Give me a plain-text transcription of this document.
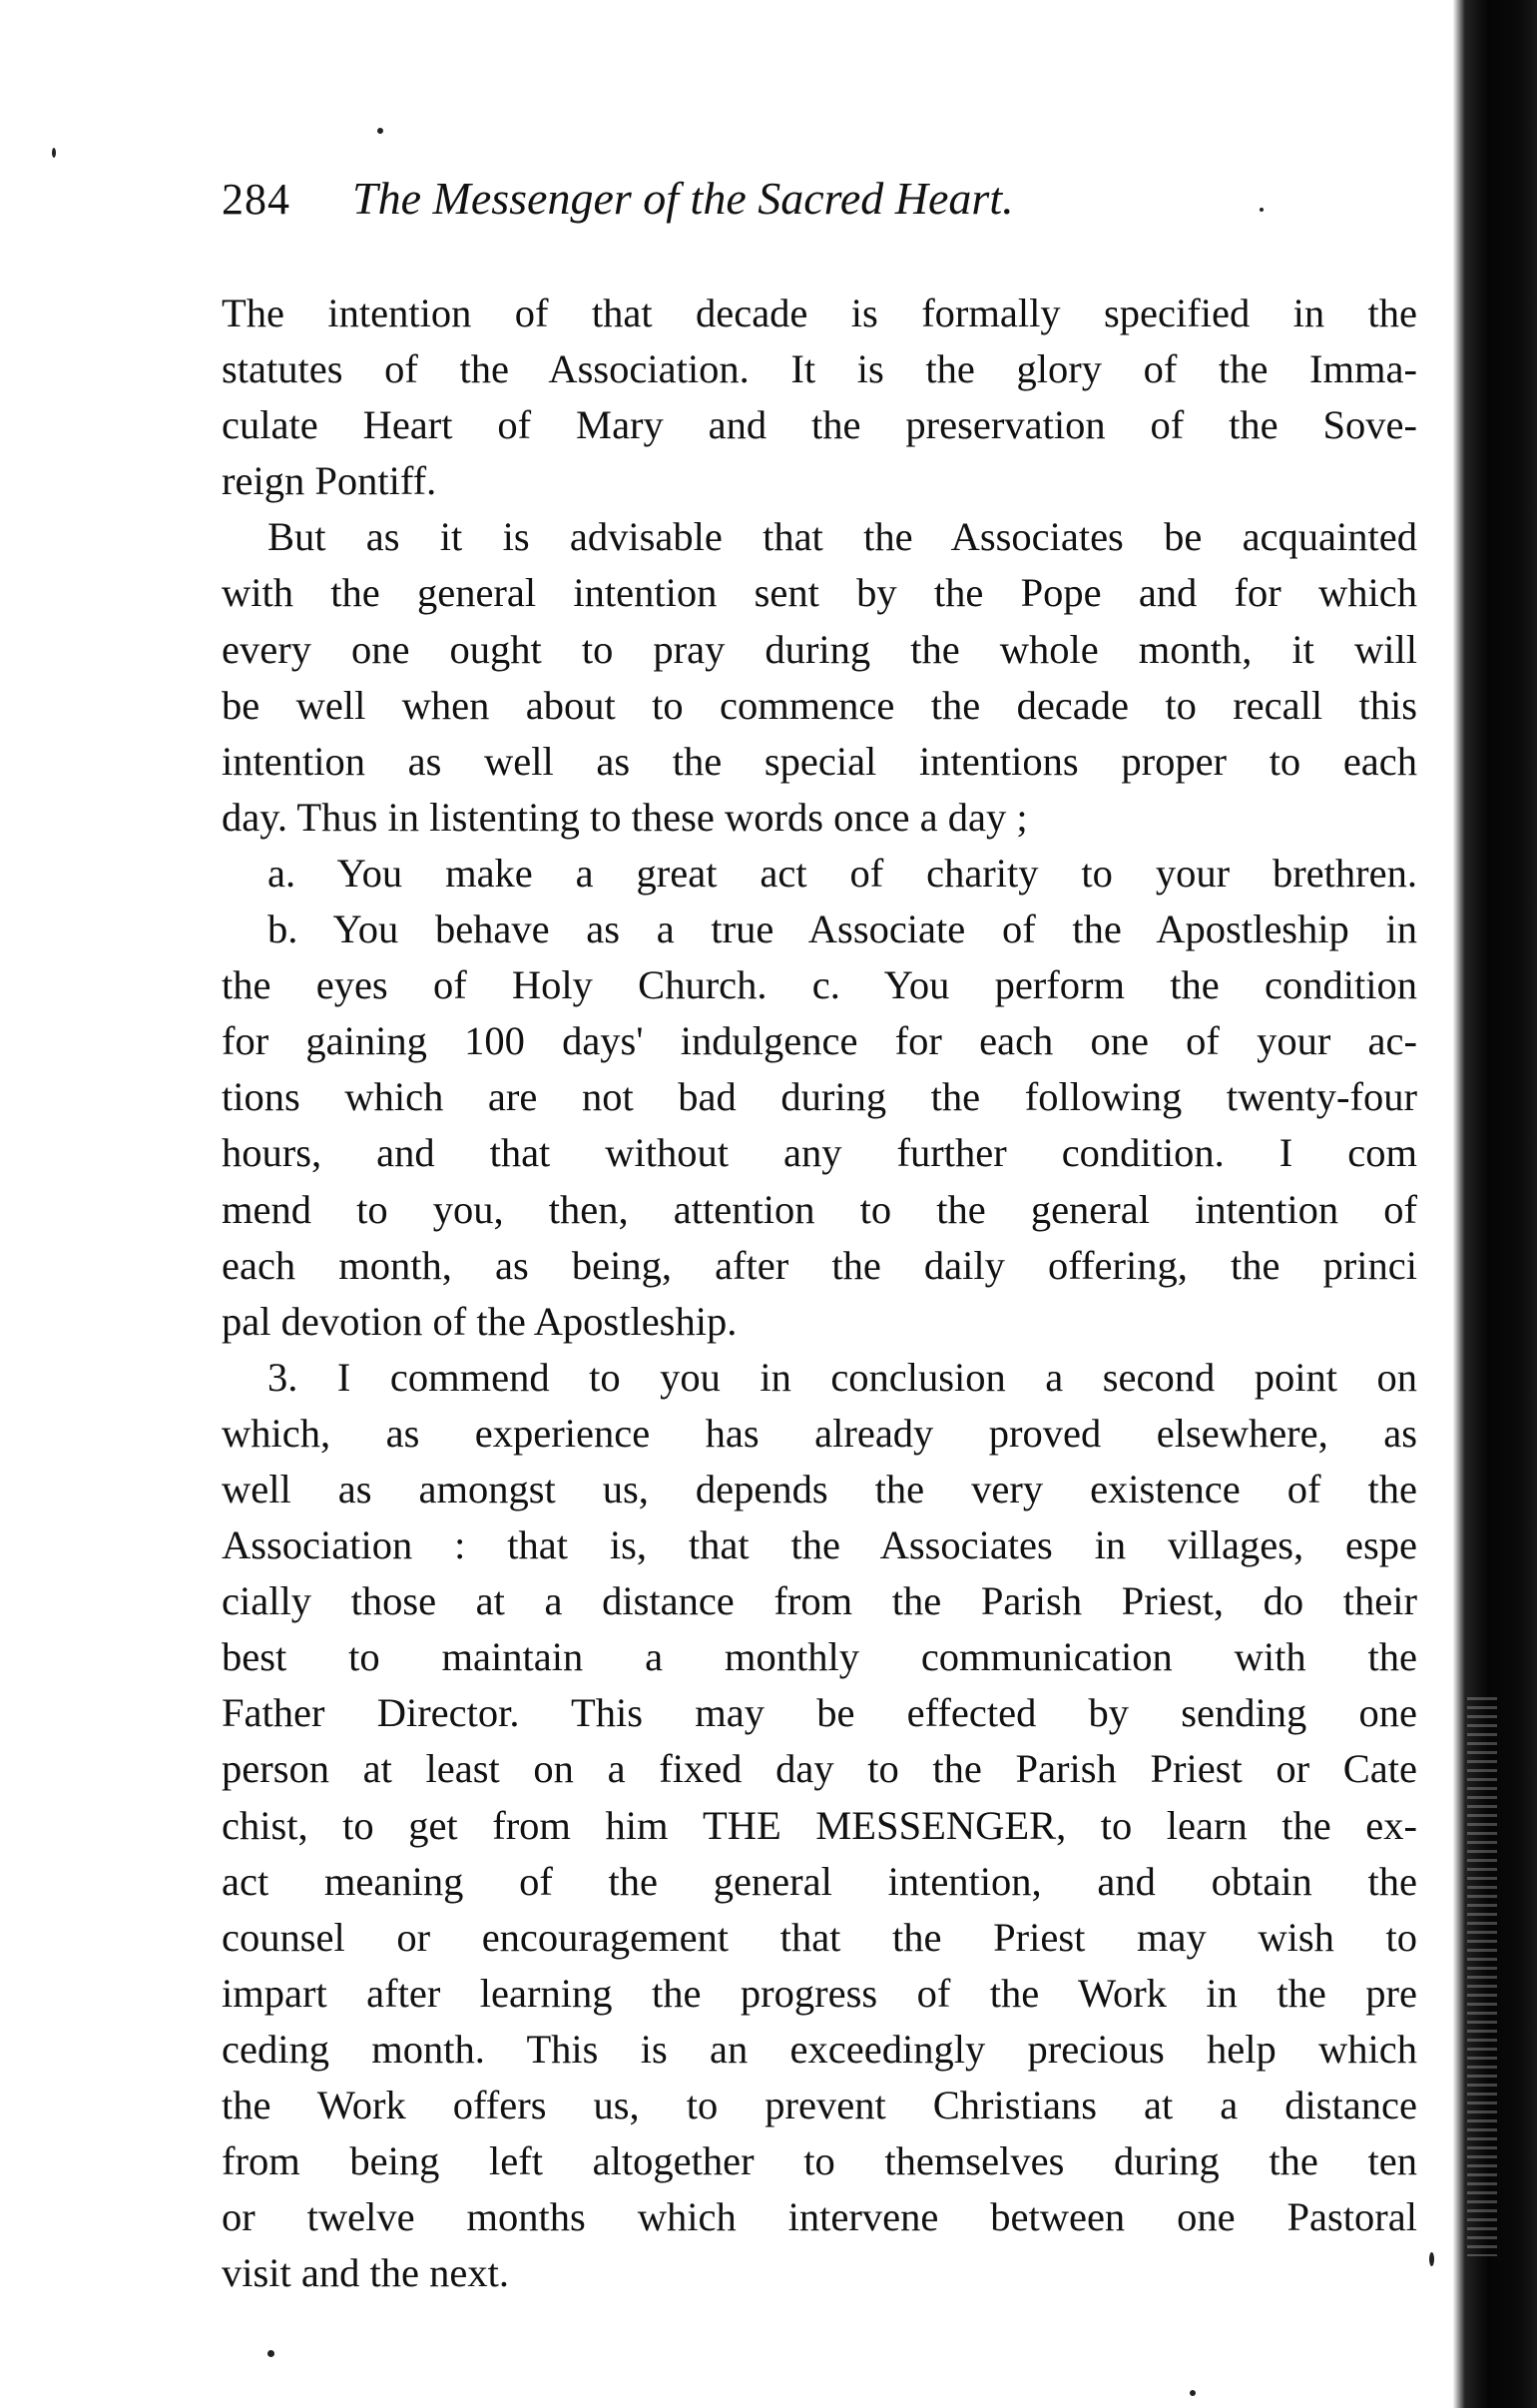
284 The Messenger of the Sacred Heart.
The intention of that decade is formally specified in the
statutes of the Association. It is the glory of the Imma-
culate Heart of Mary and the preservation of the Sove-
reign Pontiff.
But as it is advisable that the Associates be acquainted
with the general intention sent by the Pope and for which
every one ought to pray during the whole month, it will
be well when about to commence the decade to recall this
intention as well as the special intentions proper to each
day. Thus in listenting to these words once a day ;
a. You make a great act of charity to your brethren.
b. You behave as a true Associate of the Apostleship in
the eyes of Holy Church. c. You perform the condition
for gaining 100 days' indulgence for each one of your ac-
tions which are not bad during the following twenty-four
hours, and that without any further condition. I com
mend to you, then, attention to the general intention of
each month, as being, after the daily offering, the princi
pal devotion of the Apostleship.
3. I commend to you in conclusion a second point on
which, as experience has already proved elsewhere, as
well as amongst us, depends the very existence of the
Association : that is, that the Associates in villages, espe
cially those at a distance from the Parish Priest, do their
best to maintain a monthly communication with the
Father Director. This may be effected by sending one
person at least on a fixed day to the Parish Priest or Cate
chist, to get from him THE MESSENGER, to learn the ex-
act meaning of the general intention, and obtain the
counsel or encouragement that the Priest may wish to
impart after learning the progress of the Work in the pre
ceding month. This is an exceedingly precious help which
the Work offers us, to prevent Christians at a distance
from being left altogether to themselves during the ten
or twelve months which intervene between one Pastoral
visit and the next.
